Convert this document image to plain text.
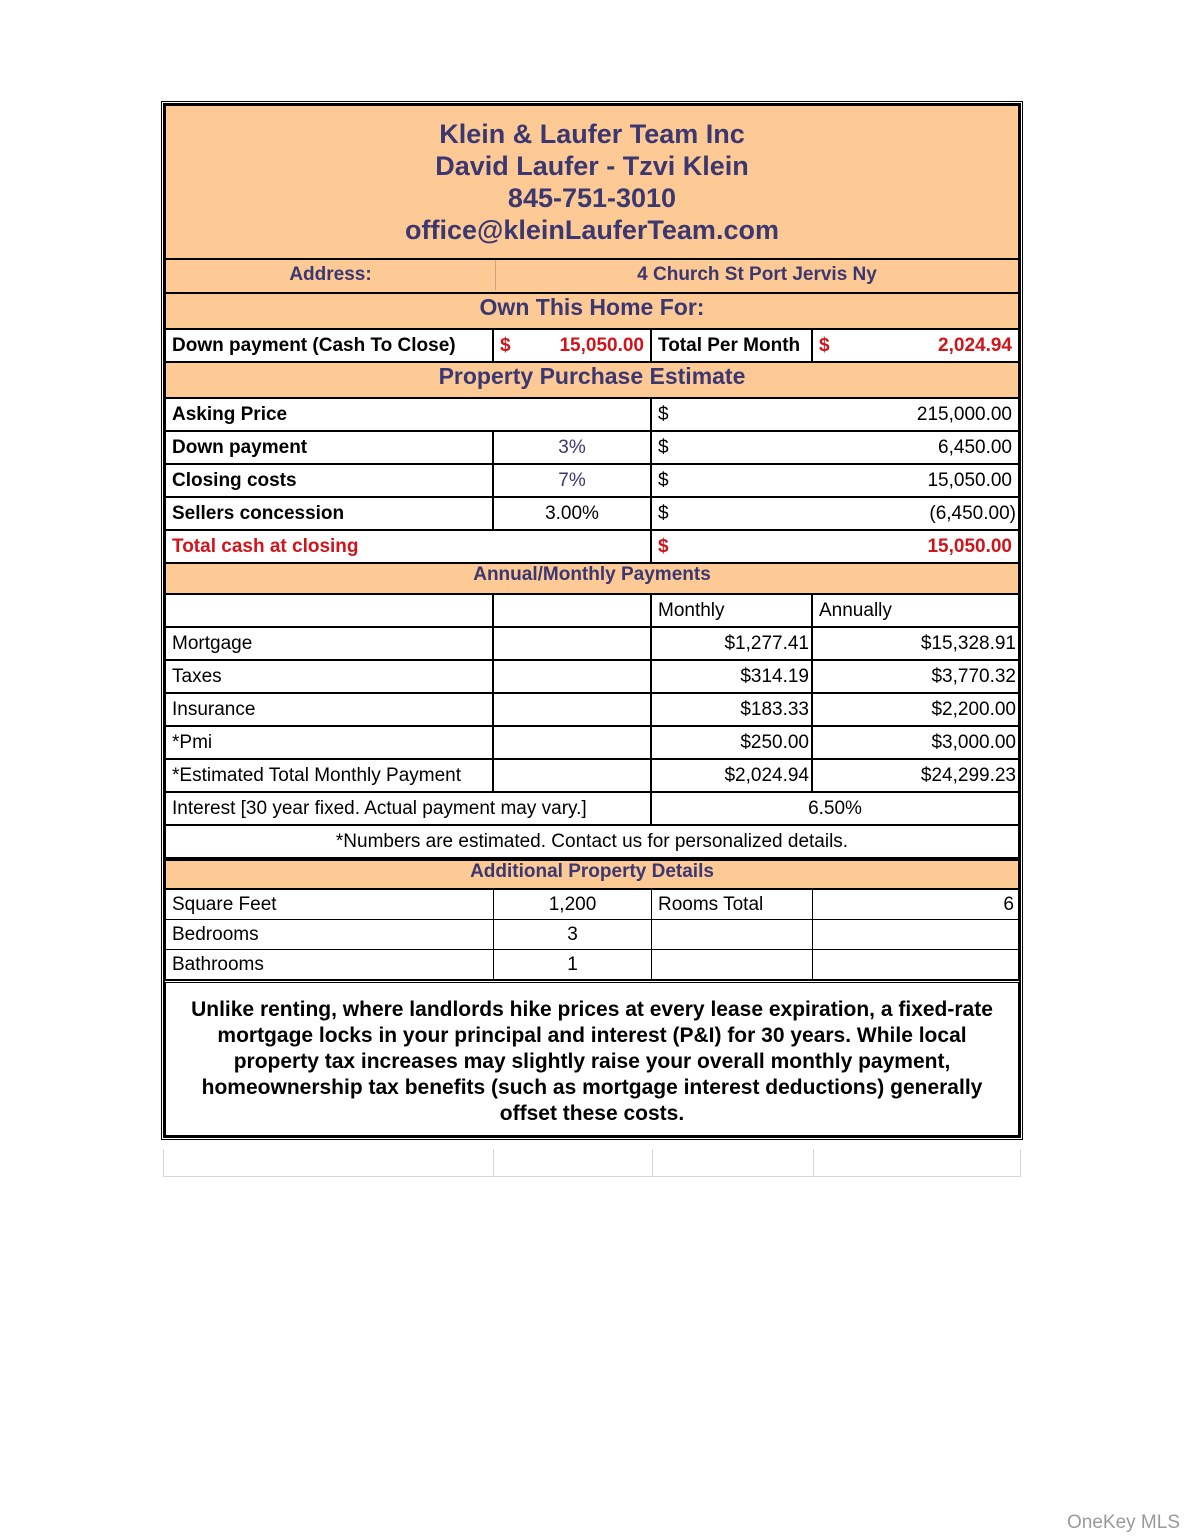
Klein & Laufer Team Inc
David Laufer - Tzvi Klein
845-751-3010
office@kleinLauferTeam.com
Address:	4 Church St Port Jervis Ny
Own This Home For:
Down payment (Cash To Close)	$	15,050.00 Total Per Month $	2,024.94
Property Purchase Estimate
Asking Price	$	215,000.00
Down payment	3%	$	6,450.00
Closing costs	7%	$	15,050.00
Sellers concession	3.00%	$	(6,450.00)
Total cash at closing	$	15,050.00
Annual/Monthly Payments
Monthly	Annually
Mortgage	$1,277.41	$15,328.91
Taxes	$314.19	$3,770.32
Insurance	$183.33	$2,200.00
*Pmi	$250.00	$3,000.00
*Estimated Total Monthly Payment	$2,024.94	$24,299.23
Interest [30 year fixed. Actual payment may vary.]	6.50%
*Numbers are estimated. Contact us for personalized details.
Additional Property Details
Square Feet	1,200	Rooms Total	6
Bedrooms	3
Bathrooms	1
Unlike renting, where landlords hike prices at every lease expiration, a fixed-rate mortgage locks in your principal and interest (P&I) for 30 years. While local property tax increases may slightly raise your overall monthly payment, homeownership tax benefits (such as mortgage interest deductions) generally offset these costs.
OneKey MLS
